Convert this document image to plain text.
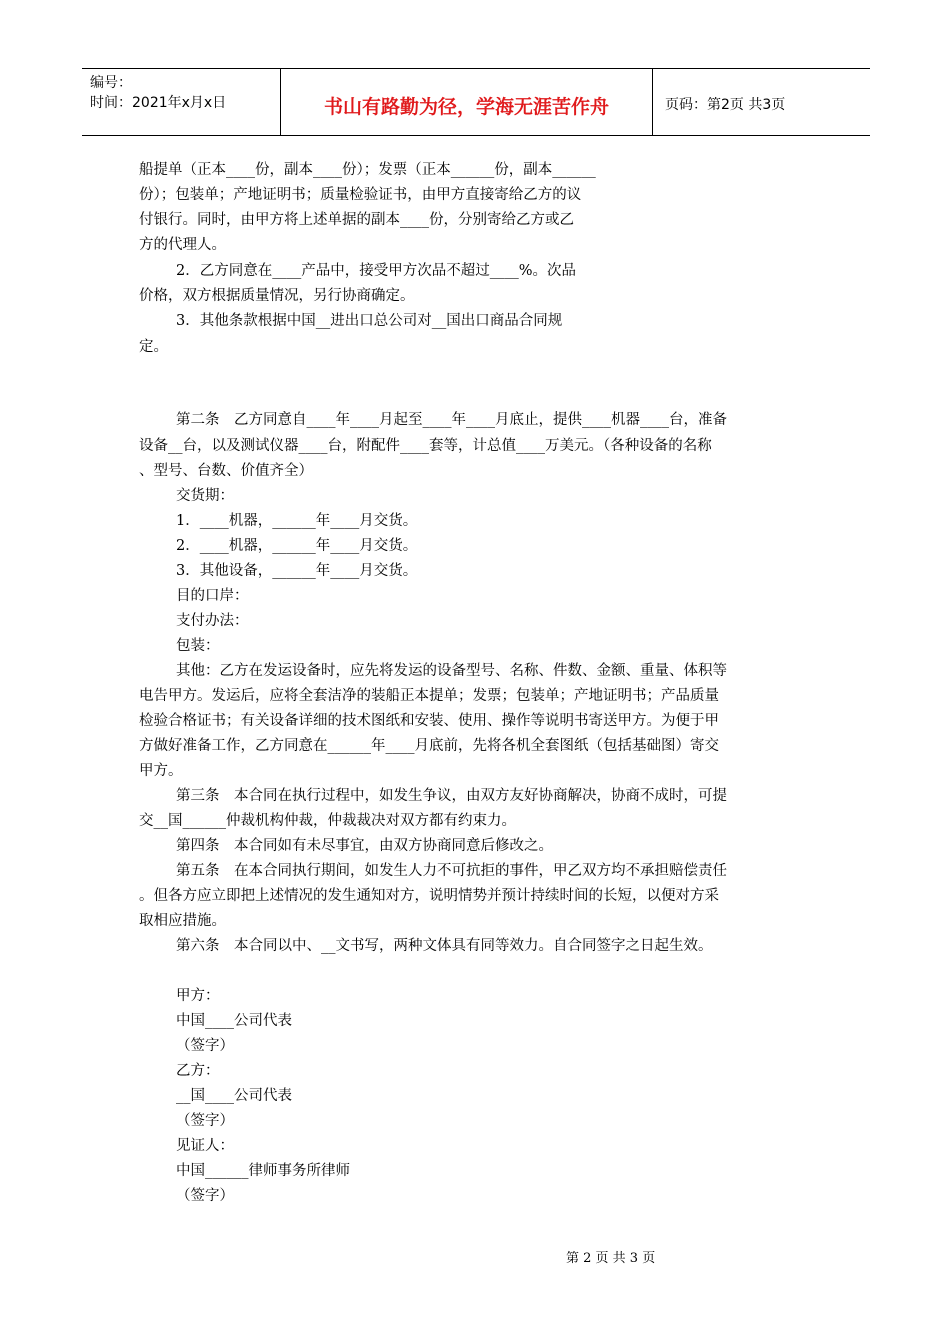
编号：
时间：2021年x月x日	书山有路勤为径，学海无涯苦作舟	页码：第2页 共3页
船提单（正本____份，副本____份）；发票（正本______份，副本______
份）；包装单；产地证明书；质量检验证书，由甲方直接寄给乙方的议
付银行。同时，由甲方将上述单据的副本____份，分别寄给乙方或乙
方的代理人。
2．乙方同意在____产品中，接受甲方次品不超过____%。次品
价格，双方根据质量情况，另行协商确定。
3．其他条款根据中国__进出口总公司对__国出口商品合同规
定。
第二条　乙方同意自____年____月起至____年____月底止，提供____机器____台，准备
设备__台，以及测试仪器____台，附配件____套等，计总值____万美元。（各种设备的名称
、型号、台数、价值齐全）
交货期：
1．____机器，______年____月交货。
2．____机器，______年____月交货。
3．其他设备，______年____月交货。
目的口岸：
支付办法：
包装：
其他：乙方在发运设备时，应先将发运的设备型号、名称、件数、金额、重量、体积等
电告甲方。发运后，应将全套洁净的装船正本提单；发票；包装单；产地证明书；产品质量
检验合格证书；有关设备详细的技术图纸和安装、使用、操作等说明书寄送甲方。为便于甲
方做好准备工作，乙方同意在______年____月底前，先将各机全套图纸（包括基础图）寄交
甲方。
第三条　本合同在执行过程中，如发生争议，由双方友好协商解决，协商不成时，可提
交__国______仲裁机构仲裁，仲裁裁决对双方都有约束力。
第四条　本合同如有未尽事宜，由双方协商同意后修改之。
第五条　在本合同执行期间，如发生人力不可抗拒的事件，甲乙双方均不承担赔偿责任
。但各方应立即把上述情况的发生通知对方，说明情势并预计持续时间的长短，以便对方采
取相应措施。
第六条　本合同以中、__文书写，两种文体具有同等效力。自合同签字之日起生效。
甲方：
中国____公司代表
（签字）
乙方：
__国____公司代表
（签字）
见证人：
中国______律师事务所律师
（签字）
第 2 页 共 3 页
